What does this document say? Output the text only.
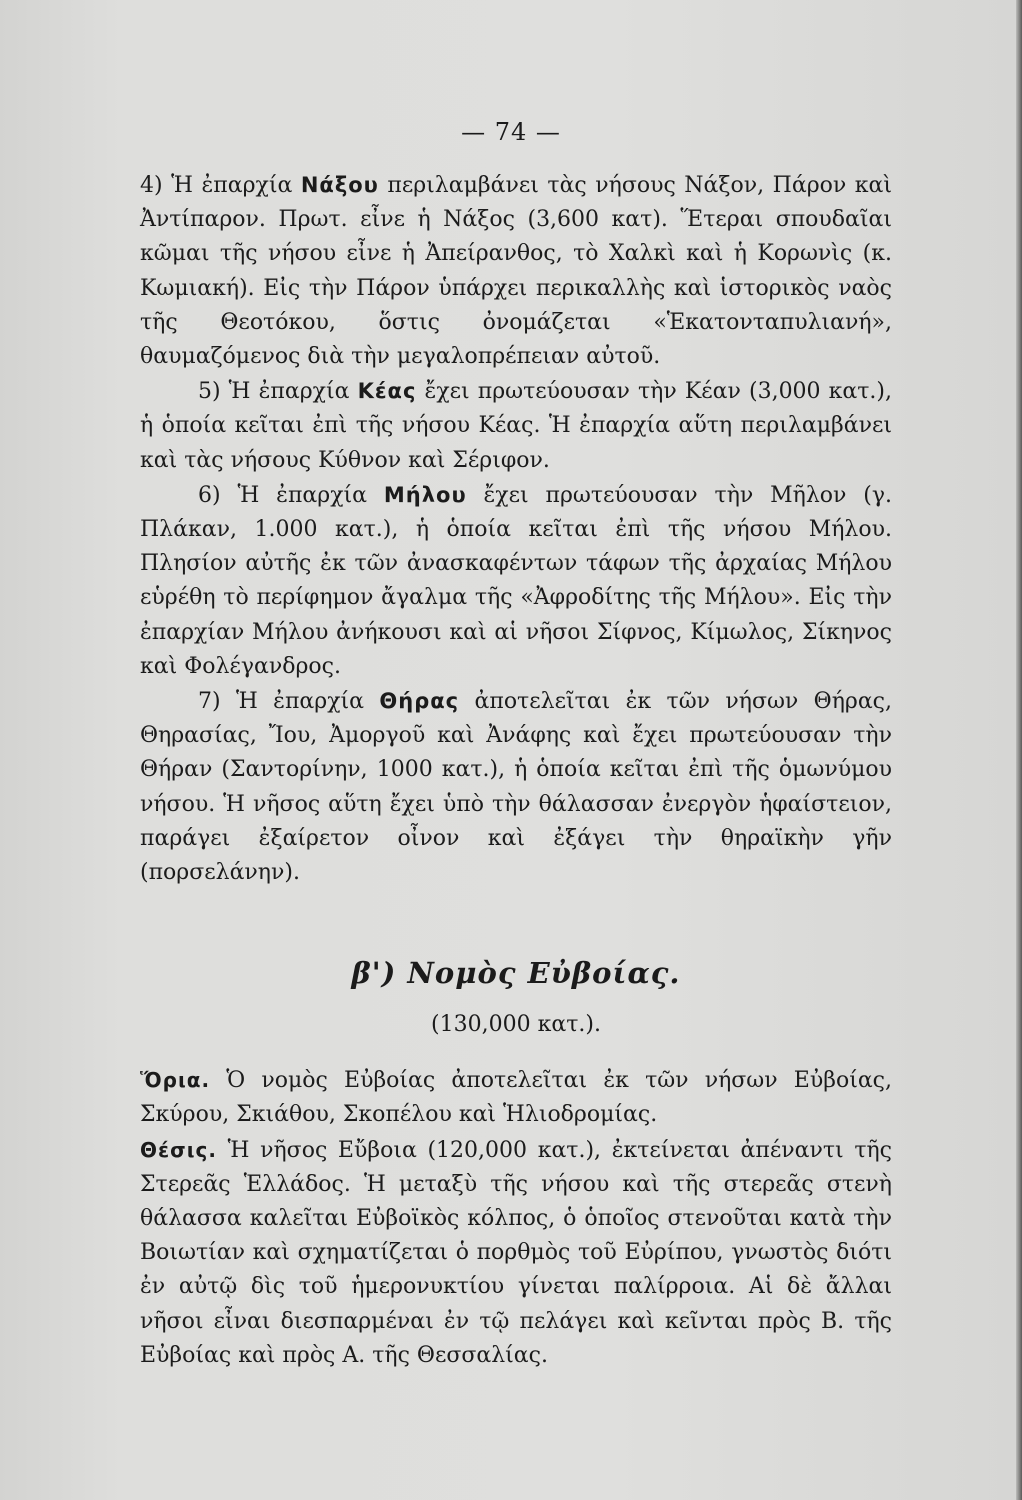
— 74 —

4) Ἡ ἐπαρχία Νάξου περιλαμβάνει τὰς νήσους Νάξον, Πάρον καὶ Ἀντίπαρον. Πρωτ. εἶνε ἡ Νάξος (3,600 κατ). Ἕτεραι σπουδαῖαι κῶμαι τῆς νήσου εἶνε ἡ Ἀπείρανθος, τὸ Χαλκὶ καὶ ἡ Κορωνὶς (κ. Κωμιακή). Εἰς τὴν Πάρον ὑπάρχει περικαλλὴς καὶ ἱστορικὸς ναὸς τῆς Θεοτόκου, ὅστις ὀνομάζεται «Ἑκατονταπυλιανή», θαυμαζόμενος διὰ τὴν μεγαλοπρέπειαν αὐτοῦ.

5) Ἡ ἐπαρχία Κέας ἔχει πρωτεύουσαν τὴν Κέαν (3,000 κατ.), ἡ ὁποία κεῖται ἐπὶ τῆς νήσου Κέας. Ἡ ἐπαρχία αὕτη περιλαμβάνει καὶ τὰς νήσους Κύθνον καὶ Σέριφον.

6) Ἡ ἐπαρχία Μήλου ἔχει πρωτεύουσαν τὴν Μῆλον (γ. Πλάκαν, 1.000 κατ.), ἡ ὁποία κεῖται ἐπὶ τῆς νήσου Μήλου. Πλησίον αὐτῆς ἐκ τῶν ἀνασκαφέντων τάφων τῆς ἀρχαίας Μήλου εὑρέθη τὸ περίφημον ἄγαλμα τῆς «Ἀφροδίτης τῆς Μήλου». Εἰς τὴν ἐπαρχίαν Μήλου ἀνήκουσι καὶ αἱ νῆσοι Σίφνος, Κίμωλος, Σίκηνος καὶ Φολέγανδρος.

7) Ἡ ἐπαρχία Θήρας ἀποτελεῖται ἐκ τῶν νήσων Θήρας, Θηρασίας, Ἴου, Ἀμοργοῦ καὶ Ἀνάφης καὶ ἔχει πρωτεύουσαν τὴν Θήραν (Σαντορίνην, 1000 κατ.), ἡ ὁποία κεῖται ἐπὶ τῆς ὁμωνύμου νήσου. Ἡ νῆσος αὕτη ἔχει ὑπὸ τὴν θάλασσαν ἐνεργὸν ἡφαίστειον, παράγει ἐξαίρετον οἶνον καὶ ἐξάγει τὴν θηραϊκὴν γῆν (πορσελάνην).

β') Νομὸς Εὐβοίας.
(130,000 κατ.).

Ὅρια. Ὁ νομὸς Εὐβοίας ἀποτελεῖται ἐκ τῶν νήσων Εὐβοίας, Σκύρου, Σκιάθου, Σκοπέλου καὶ Ἡλιοδρομίας.

Θέσις. Ἡ νῆσος Εὔβοια (120,000 κατ.), ἐκτείνεται ἀπέναντι τῆς Στερεᾶς Ἑλλάδος. Ἡ μεταξὺ τῆς νήσου καὶ τῆς στερεᾶς στενὴ θάλασσα καλεῖται Εὐβοϊκὸς κόλπος, ὁ ὁποῖος στενοῦται κατὰ τὴν Βοιωτίαν καὶ σχηματίζεται ὁ πορθμὸς τοῦ Εὐρίπου, γνωστὸς διότι ἐν αὐτῷ δὶς τοῦ ἡμερονυκτίου γίνεται παλίρροια. Αἱ δὲ ἄλλαι νῆσοι εἶναι διεσπαρμέναι ἐν τῷ πελάγει καὶ κεῖνται πρὸς Β. τῆς Εὐβοίας καὶ πρὸς Α. τῆς Θεσσαλίας.
